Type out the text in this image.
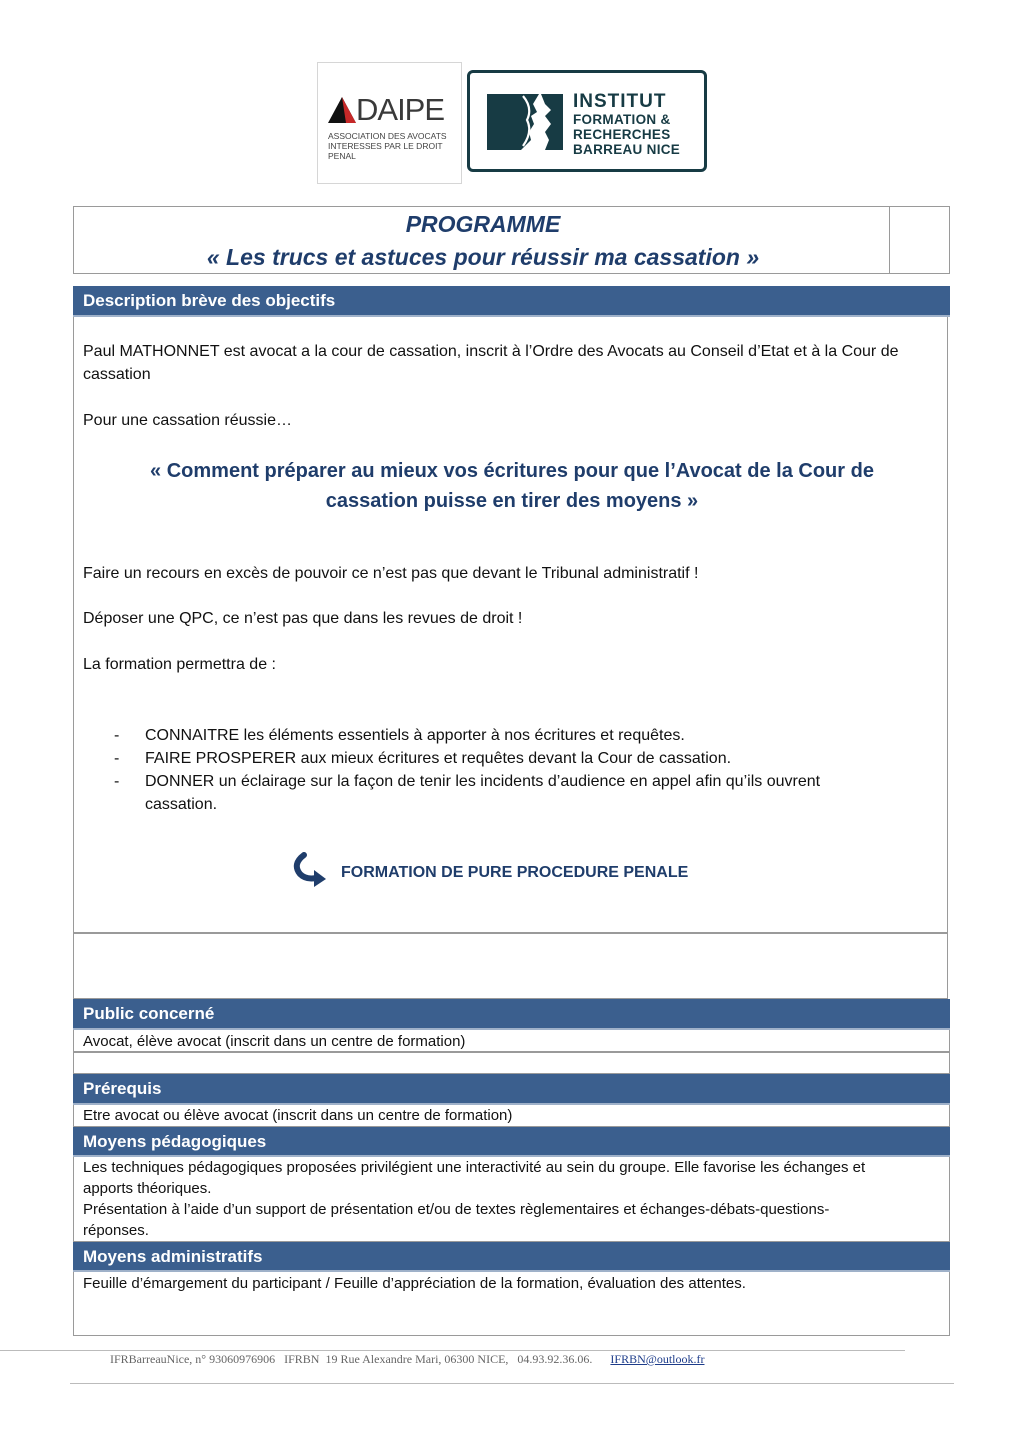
DAIPE
ASSOCIATION DES AVOCATS
INTERESSES PAR LE DROIT PENAL
INSTITUT
FORMATION &
RECHERCHES
BARREAU NICE
PROGRAMME
« Les trucs et astuces pour réussir ma cassation »
Description brève des objectifs
Paul MATHONNET est avocat a la cour de cassation, inscrit à l’Ordre des Avocats au Conseil d’Etat et à la Cour de cassation
Pour une cassation réussie…
« Comment préparer au mieux vos écritures pour que l’Avocat de la Cour de
cassation puisse en tirer des moyens »
Faire un recours en excès de pouvoir ce n’est pas que devant le Tribunal administratif !
Déposer une QPC, ce n’est pas que dans les revues de droit !
La formation permettra de :
- CONNAITRE les éléments essentiels à apporter à nos écritures et requêtes.
- FAIRE PROSPERER aux mieux écritures et requêtes devant la Cour de cassation.
- DONNER un éclairage sur la façon de tenir les incidents d’audience en appel afin qu’ils ouvrent cassation.
FORMATION DE PURE PROCEDURE PENALE
Public concerné
Avocat, élève avocat (inscrit dans un centre de formation)
Prérequis
Etre avocat ou élève avocat (inscrit dans un centre de formation)
Moyens pédagogiques
Les techniques pédagogiques proposées privilégient une interactivité au sein du groupe. Elle favorise les échanges et
apports théoriques.
Présentation à l’aide d’un support de présentation et/ou de textes règlementaires et échanges-débats-questions-
réponses.
Moyens administratifs
Feuille d’émargement du participant / Feuille d’appréciation de la formation, évaluation des attentes.
IFRBarreauNice, n° 93060976906   IFRBN  19 Rue Alexandre Mari, 06300 NICE,   04.93.92.36.06. IFRBN@outlook.fr
